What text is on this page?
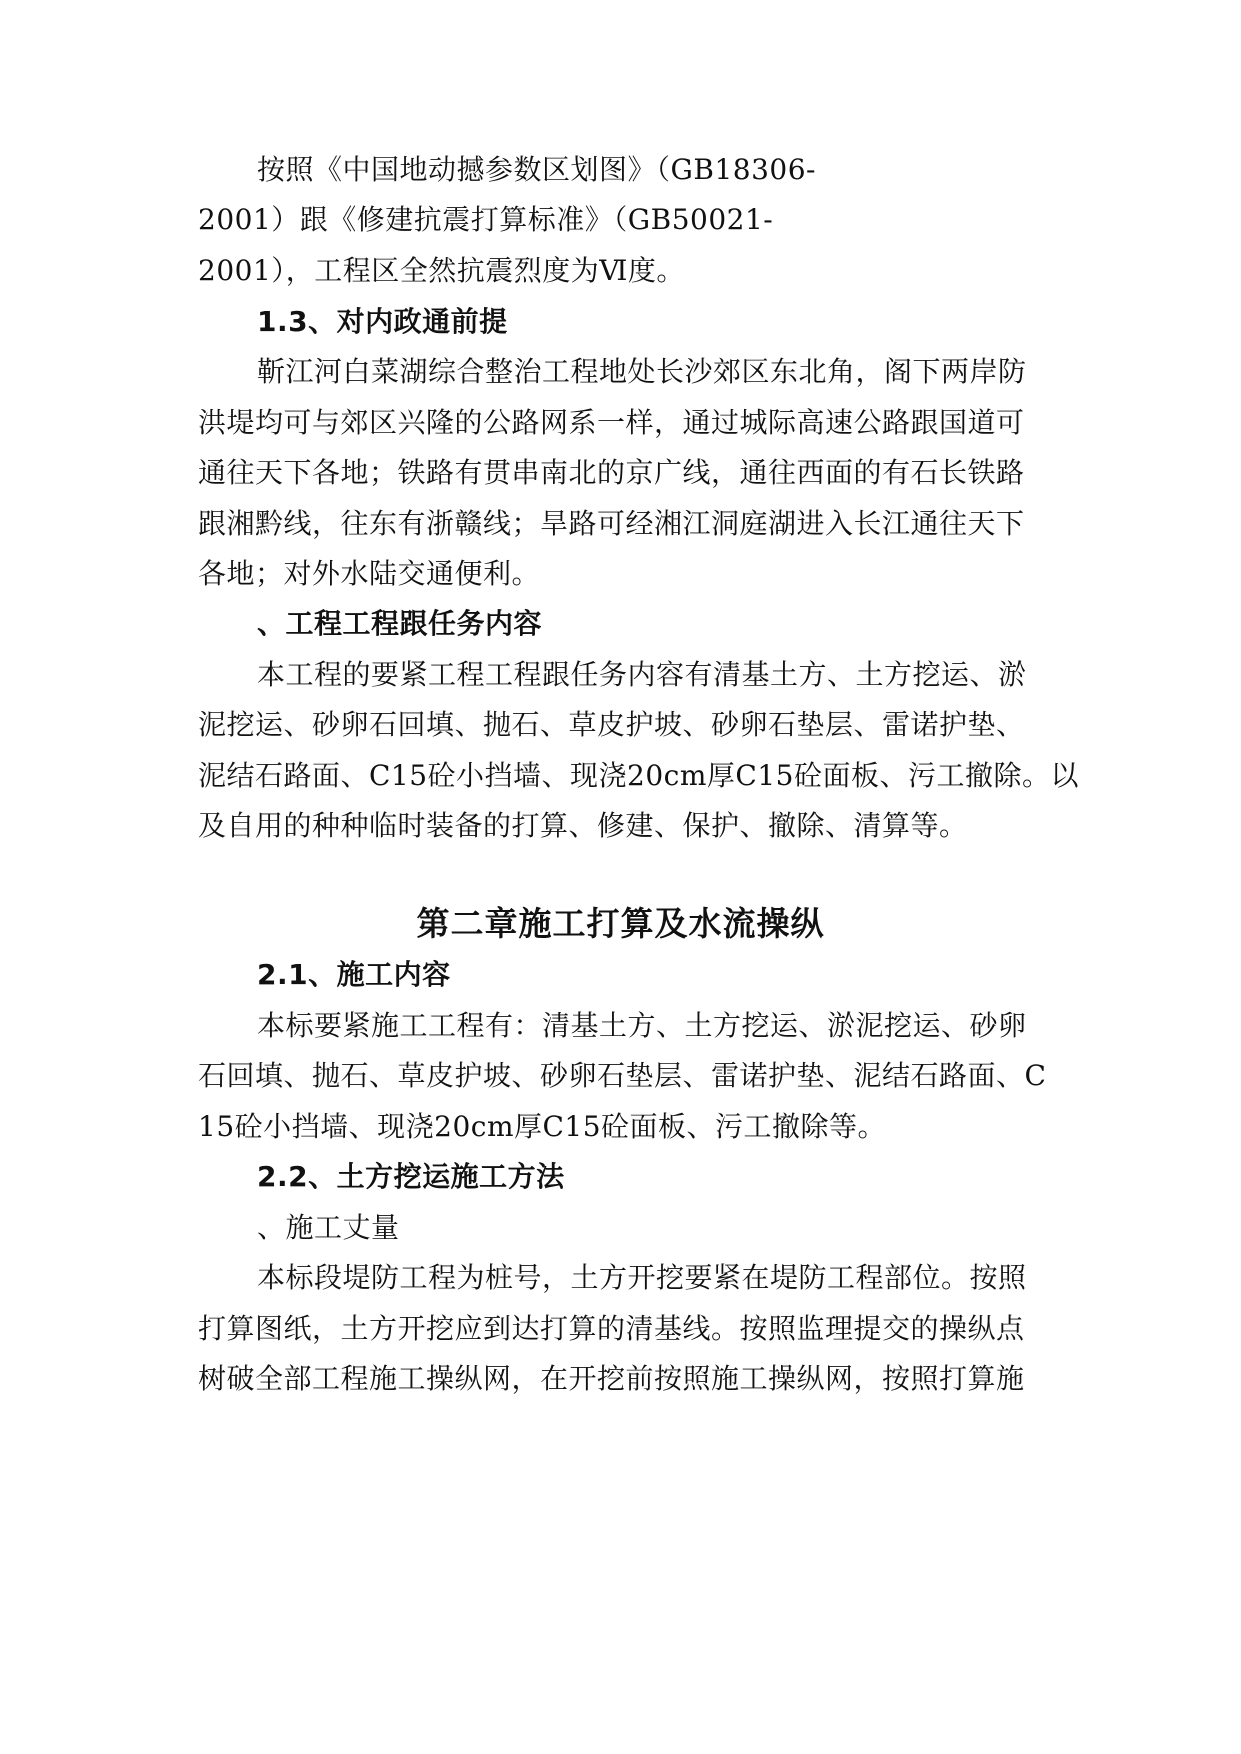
按照《中国地动撼参数区划图》（GB18306-
2001）跟《修建抗震打算标准》（GB50021-
2001），工程区全然抗震烈度为Ⅵ度。
1.3、对内政通前提
靳江河白菜湖综合整治工程地处长沙郊区东北角，阁下两岸防
洪堤均可与郊区兴隆的公路网系一样，通过城际高速公路跟国道可
通往天下各地；铁路有贯串南北的京广线，通往西面的有石长铁路
跟湘黔线，往东有浙赣线；旱路可经湘江洞庭湖进入长江通往天下
各地；对外水陆交通便利。
、工程工程跟任务内容
本工程的要紧工程工程跟任务内容有清基土方、土方挖运、淤
泥挖运、砂卵石回填、抛石、草皮护坡、砂卵石垫层、雷诺护垫、
泥结石路面、C15砼小挡墙、现浇20cm厚C15砼面板、污工撤除。以
及自用的种种临时装备的打算、修建、保护、撤除、清算等。
第二章施工打算及水流操纵
2.1、施工内容
本标要紧施工工程有：清基土方、土方挖运、淤泥挖运、砂卵
石回填、抛石、草皮护坡、砂卵石垫层、雷诺护垫、泥结石路面、C
15砼小挡墙、现浇20cm厚C15砼面板、污工撤除等。
2.2、土方挖运施工方法
、施工丈量
本标段堤防工程为桩号，土方开挖要紧在堤防工程部位。按照
打算图纸，土方开挖应到达打算的清基线。按照监理提交的操纵点
树破全部工程施工操纵网，在开挖前按照施工操纵网，按照打算施
